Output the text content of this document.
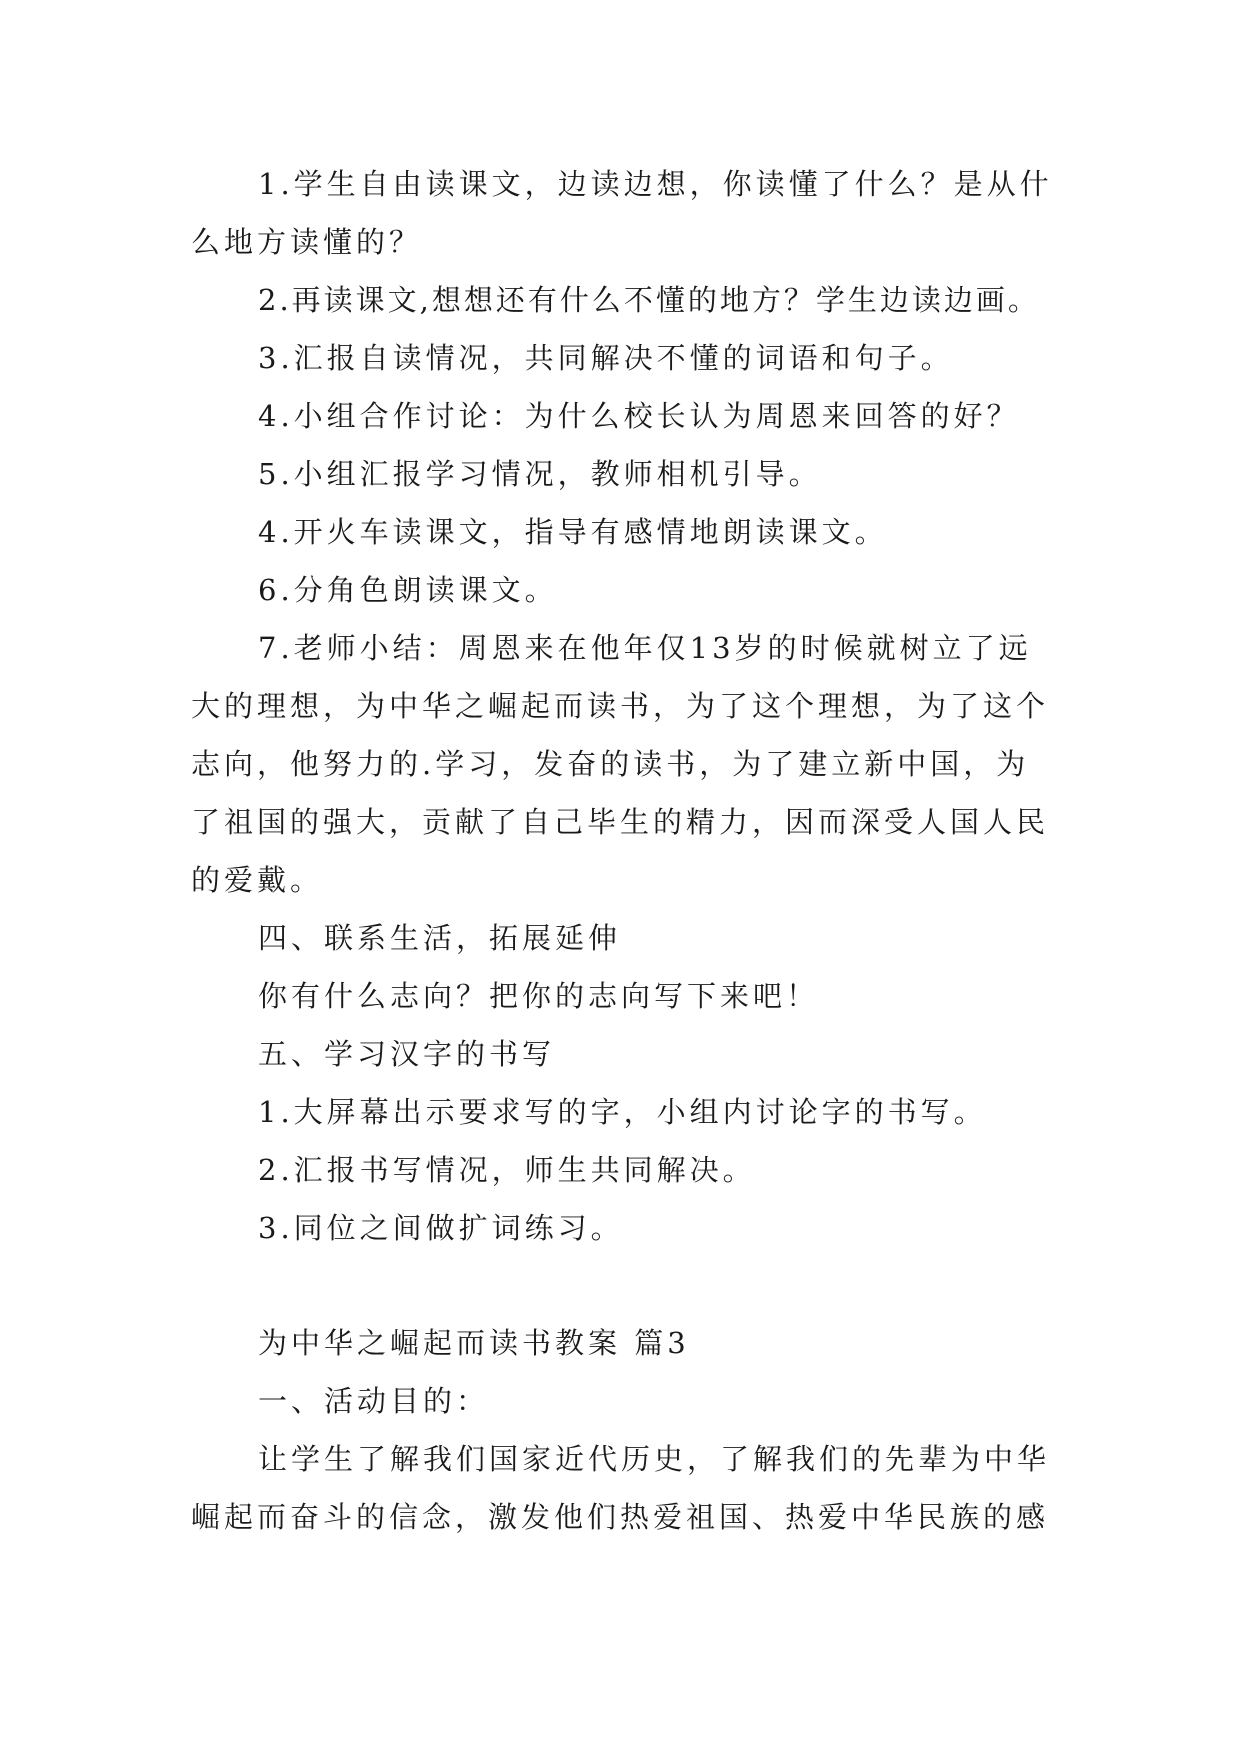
1.学生自由读课文，边读边想，你读懂了什么？是从什
么地方读懂的？
2.再读课文,想想还有什么不懂的地方？学生边读边画。
3.汇报自读情况，共同解决不懂的词语和句子。
4.小组合作讨论：为什么校长认为周恩来回答的好？
5.小组汇报学习情况，教师相机引导。
4.开火车读课文，指导有感情地朗读课文。
6.分角色朗读课文。
7.老师小结：周恩来在他年仅13岁的时候就树立了远
大的理想，为中华之崛起而读书，为了这个理想，为了这个
志向，他努力的.学习，发奋的读书，为了建立新中国，为
了祖国的强大，贡献了自己毕生的精力，因而深受人国人民
的爱戴。
四、联系生活，拓展延伸
你有什么志向？把你的志向写下来吧！
五、学习汉字的书写
1.大屏幕出示要求写的字，小组内讨论字的书写。
2.汇报书写情况，师生共同解决。
3.同位之间做扩词练习。
为中华之崛起而读书教案 篇3
一、活动目的：
让学生了解我们国家近代历史，了解我们的先辈为中华
崛起而奋斗的信念，激发他们热爱祖国、热爱中华民族的感
